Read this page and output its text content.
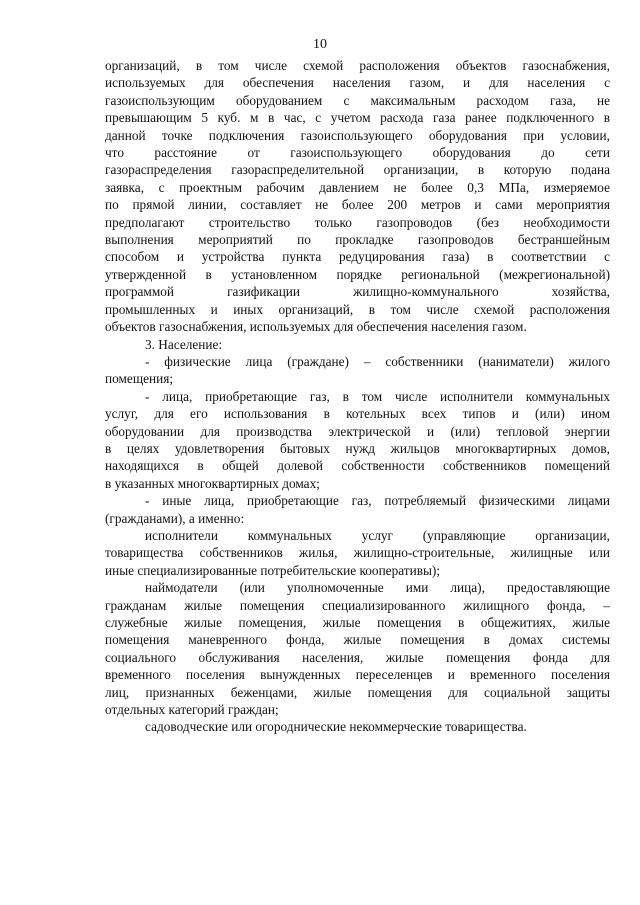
10
организаций, в том числе схемой расположения объектов газоснабжения,
используемых для обеспечения населения газом, и для населения с
газоиспользующим оборудованием с максимальным расходом газа, не
превышающим 5 куб. м в час, с учетом расхода газа ранее подключенного в
данной точке подключения газоиспользующего оборудования при условии,
что расстояние от газоиспользующего оборудования до сети
газораспределения газораспределительной организации, в которую подана
заявка, с проектным рабочим давлением не более 0,3 МПа, измеряемое
по прямой линии, составляет не более 200 метров и сами мероприятия
предполагают строительство только газопроводов (без необходимости
выполнения мероприятий по прокладке газопроводов бестраншейным
способом и устройства пункта редуцирования газа) в соответствии с
утвержденной в установленном порядке региональной (межрегиональной)
программой газификации жилищно-коммунального хозяйства,
промышленных и иных организаций, в том числе схемой расположения
объектов газоснабжения, используемых для обеспечения населения газом.
3. Население:
- физические лица (граждане) – собственники (наниматели) жилого
помещения;
- лица, приобретающие газ, в том числе исполнители коммунальных
услуг, для его использования в котельных всех типов и (или) ином
оборудовании для производства электрической и (или) тепловой энергии
в целях удовлетворения бытовых нужд жильцов многоквартирных домов,
находящихся в общей долевой собственности собственников помещений
в указанных многоквартирных домах;
- иные лица, приобретающие газ, потребляемый физическими лицами
(гражданами), а именно:
исполнители коммунальных услуг (управляющие организации,
товарищества собственников жилья, жилищно-строительные, жилищные или
иные специализированные потребительские кооперативы);
наймодатели (или уполномоченные ими лица), предоставляющие
гражданам жилые помещения специализированного жилищного фонда, –
служебные жилые помещения, жилые помещения в общежитиях, жилые
помещения маневренного фонда, жилые помещения в домах системы
социального обслуживания населения, жилые помещения фонда для
временного поселения вынужденных переселенцев и временного поселения
лиц, признанных беженцами, жилые помещения для социальной защиты
отдельных категорий граждан;
садоводческие или огороднические некоммерческие товарищества.
